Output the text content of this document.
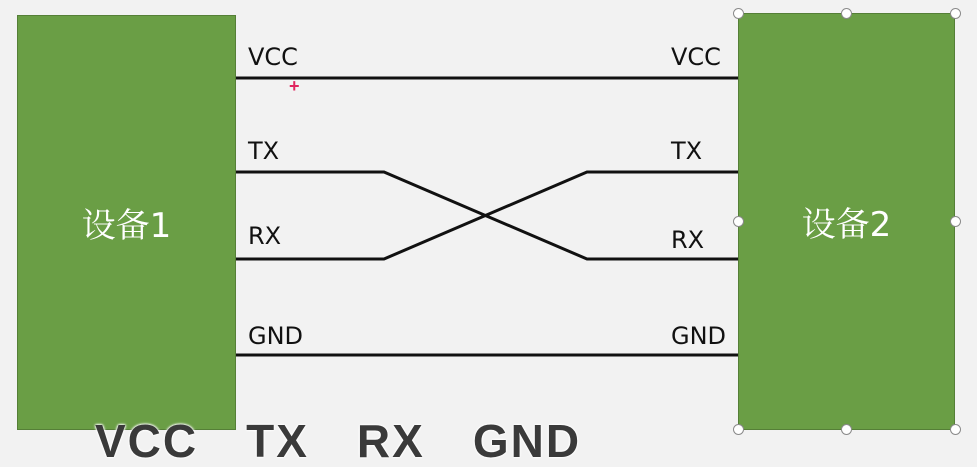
设备1	设备2
VCC
TX
RX
GND
VCC
TX
RX
GND
+
VCC TX RX GND
